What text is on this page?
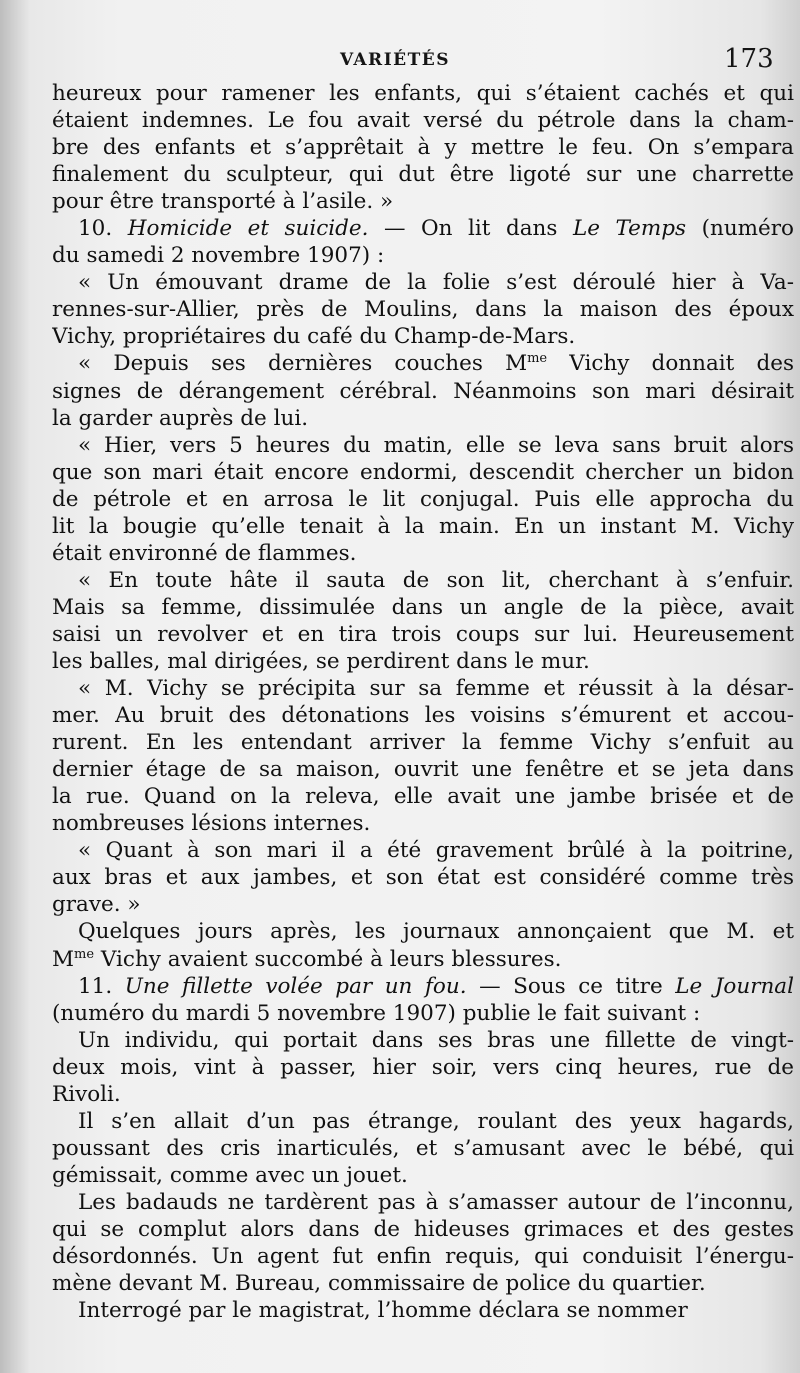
VARIÉTÉS	173
heureux pour ramener les enfants, qui s’étaient cachés et qui
étaient indemnes. Le fou avait versé du pétrole dans la cham-
bre des enfants et s’apprêtait à y mettre le feu. On s’empara
finalement du sculpteur, qui dut être ligoté sur une charrette
pour être transporté à l’asile. »
10. Homicide et suicide. — On lit dans Le Temps (numéro
du samedi 2 novembre 1907) :
« Un émouvant drame de la folie s’est déroulé hier à Va-
rennes-sur-Allier, près de Moulins, dans la maison des époux
Vichy, propriétaires du café du Champ-de-Mars.
« Depuis ses dernières couches $M^{me}$ Vichy donnait des
signes de dérangement cérébral. Néanmoins son mari désirait
la garder auprès de lui.
« Hier, vers 5 heures du matin, elle se leva sans bruit alors
que son mari était encore endormi, descendit chercher un bidon
de pétrole et en arrosa le lit conjugal. Puis elle approcha du
lit la bougie qu’elle tenait à la main. En un instant M. Vichy
était environné de flammes.
« En toute hâte il sauta de son lit, cherchant à s’enfuir.
Mais sa femme, dissimulée dans un angle de la pièce, avait
saisi un revolver et en tira trois coups sur lui. Heureusement
les balles, mal dirigées, se perdirent dans le mur.
« M. Vichy se précipita sur sa femme et réussit à la désar-
mer. Au bruit des détonations les voisins s’émurent et accou-
rurent. En les entendant arriver la femme Vichy s’enfuit au
dernier étage de sa maison, ouvrit une fenêtre et se jeta dans
la rue. Quand on la releva, elle avait une jambe brisée et de
nombreuses lésions internes.
« Quant à son mari il a été gravement brûlé à la poitrine,
aux bras et aux jambes, et son état est considéré comme très
grave. »
Quelques jours après, les journaux annonçaient que M. et
$M^{me}$ Vichy avaient succombé à leurs blessures.
11. Une fillette volée par un fou. — Sous ce titre Le Journal
(numéro du mardi 5 novembre 1907) publie le fait suivant :
Un individu, qui portait dans ses bras une fillette de vingt-
deux mois, vint à passer, hier soir, vers cinq heures, rue de
Rivoli.
Il s’en allait d’un pas étrange, roulant des yeux hagards,
poussant des cris inarticulés, et s’amusant avec le bébé, qui
gémissait, comme avec un jouet.
Les badauds ne tardèrent pas à s’amasser autour de l’inconnu,
qui se complut alors dans de hideuses grimaces et des gestes
désordonnés. Un agent fut enfin requis, qui conduisit l’énergu-
mène devant M. Bureau, commissaire de police du quartier.
Interrogé par le magistrat, l’homme déclara se nommer
